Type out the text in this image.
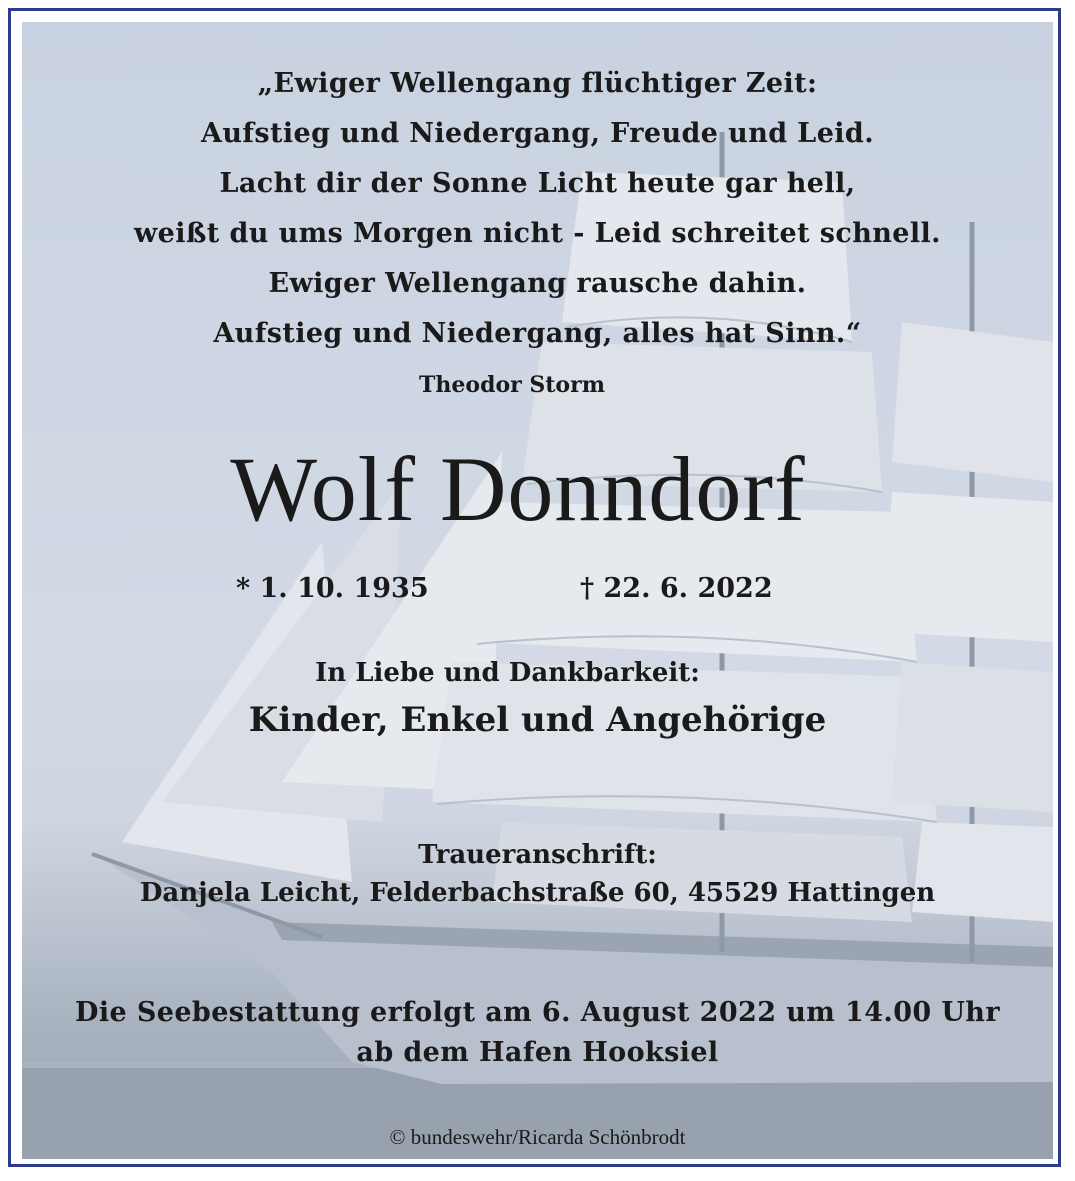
„Ewiger Wellengang flüchtiger Zeit:
Aufstieg und Niedergang, Freude und Leid.
Lacht dir der Sonne Licht heute gar hell,
weißt du ums Morgen nicht - Leid schreitet schnell.
Ewiger Wellengang rausche dahin.
Aufstieg und Niedergang, alles hat Sinn.“
Theodor Storm
Wolf Donndorf
* 1. 10. 1935	† 22. 6. 2022
In Liebe und Dankbarkeit:
Kinder, Enkel und Angehörige
Traueranschrift:
Danjela Leicht, Felderbachstraße 60, 45529 Hattingen
Die Seebestattung erfolgt am 6. August 2022 um 14.00 Uhr
ab dem Hafen Hooksiel
© bundeswehr/Ricarda Schönbrodt
